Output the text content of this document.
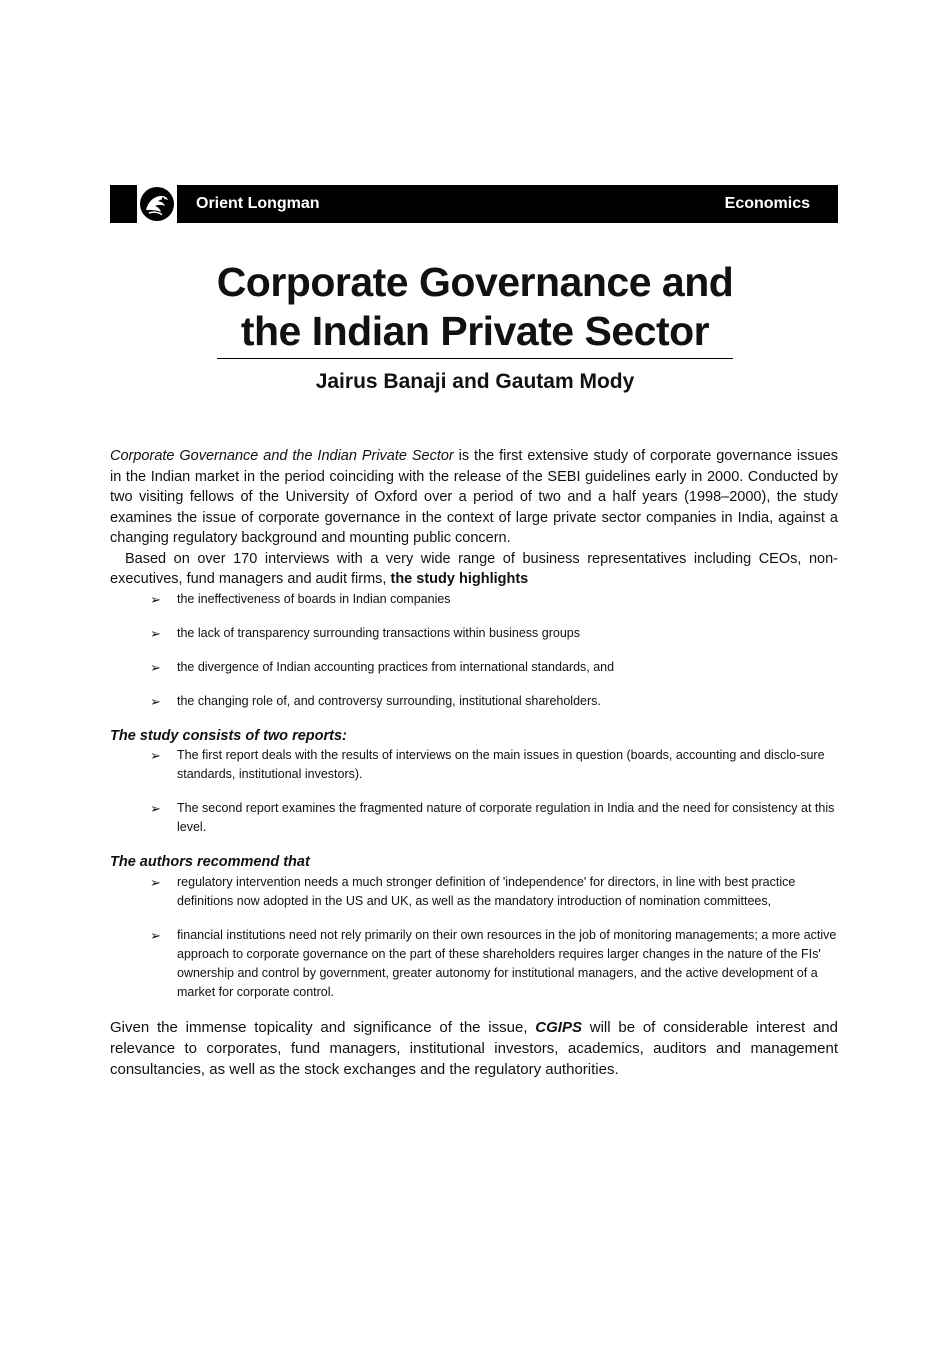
Orient Longman	Economics
Corporate Governance and
the Indian Private Sector
Jairus Banaji and Gautam Mody

Corporate Governance and the Indian Private Sector is the first extensive study of corporate governance issues in the Indian market in the period coinciding with the release of the SEBI guidelines early in 2000. Conducted by two visiting fellows of the University of Oxford over a period of two and a half years (1998–2000), the study examines the issue of corporate governance in the context of large private sector companies in India, against a changing regulatory background and mounting public concern.

Based on over 170 interviews with a very wide range of business representatives including CEOs, non-executives, fund managers and audit firms, the study highlights

➢ the ineffectiveness of boards in Indian companies
➢ the lack of transparency surrounding transactions within business groups
➢ the divergence of Indian accounting practices from international standards, and
➢ the changing role of, and controversy surrounding, institutional shareholders.

The study consists of two reports:

➢ The first report deals with the results of interviews on the main issues in question (boards, accounting and disclo-sure standards, institutional investors).
➢ The second report examines the fragmented nature of corporate regulation in India and the need for consistency at this level.

The authors recommend that

➢ regulatory intervention needs a much stronger definition of 'independence' for directors, in line with best practice definitions now adopted in the US and UK, as well as the mandatory introduction of nomination committees,
➢ financial institutions need not rely primarily on their own resources in the job of monitoring managements; a more active approach to corporate governance on the part of these shareholders requires larger changes in the nature of the FIs' ownership and control by government, greater autonomy for institutional managers, and the active development of a market for corporate control.

Given the immense topicality and significance of the issue, CGIPS will be of considerable interest and relevance to corporates, fund managers, institutional investors, academics, auditors and management consultancies, as well as the stock exchanges and the regulatory authorities.
